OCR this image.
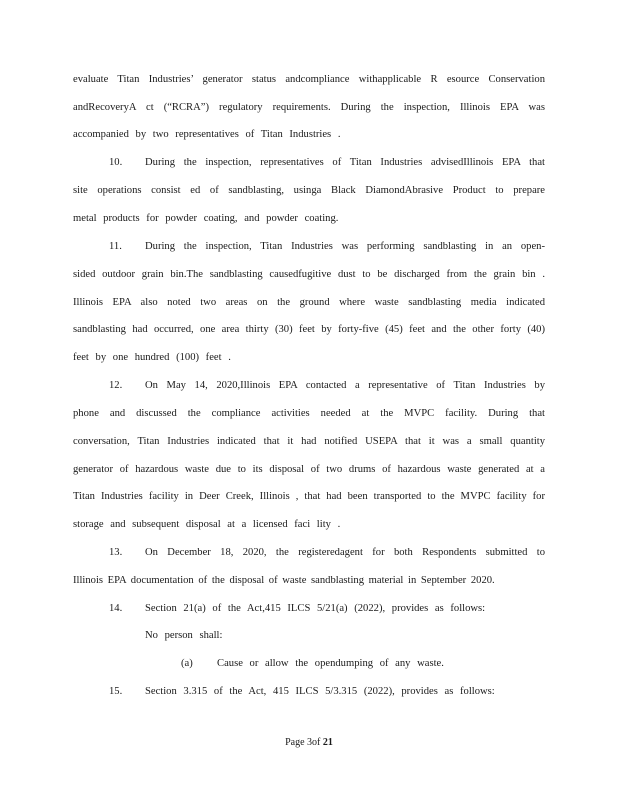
evaluate Titan Industries’ generator status andcompliance withapplicable R esource Conservation
andRecoveryA ct (“RCRA”) regulatory requirements. During the inspection, Illinois EPA was
accompanied by two representatives of Titan Industries .
10. During the inspection, representatives of Titan Industries advisedIllinois EPA that
site operations consist ed of sandblasting, usinga Black DiamondAbrasive Product to prepare
metal products for powder coating, and powder coating.
11. During the inspection, Titan Industries was performing sandblasting in an open-
sided outdoor grain bin.The sandblasting causedfugitive dust to be discharged from the grain bin .
Illinois EPA also noted two areas on the ground where waste sandblasting media indicated
sandblasting had occurred, one area thirty (30) feet by forty-five (45) feet and the other forty (40)
feet by one hundred (100) feet .
12. On May 14, 2020,Illinois EPA contacted a representative of Titan Industries by
phone and discussed the compliance activities needed at the MVPC facility. During that
conversation, Titan Industries indicated that it had notified USEPA that it was a small quantity
generator of hazardous waste due to its disposal of two drums of hazardous waste generated at a
Titan Industries facility in Deer Creek, Illinois , that had been transported to the MVPC facility for
storage and subsequent disposal at a licensed faci lity .
13. On December 18, 2020, the registeredagent for both Respondents submitted to
Illinois EPA documentation of the disposal of waste sandblasting material in September 2020.
14. Section 21(a) of the Act,415 ILCS 5/21(a) (2022), provides as follows:
No person shall:
(a) Cause or allow the opendumping of any waste.
15. Section 3.315 of the Act, 415 ILCS 5/3.315 (2022), provides as follows:
Page 3of 21
